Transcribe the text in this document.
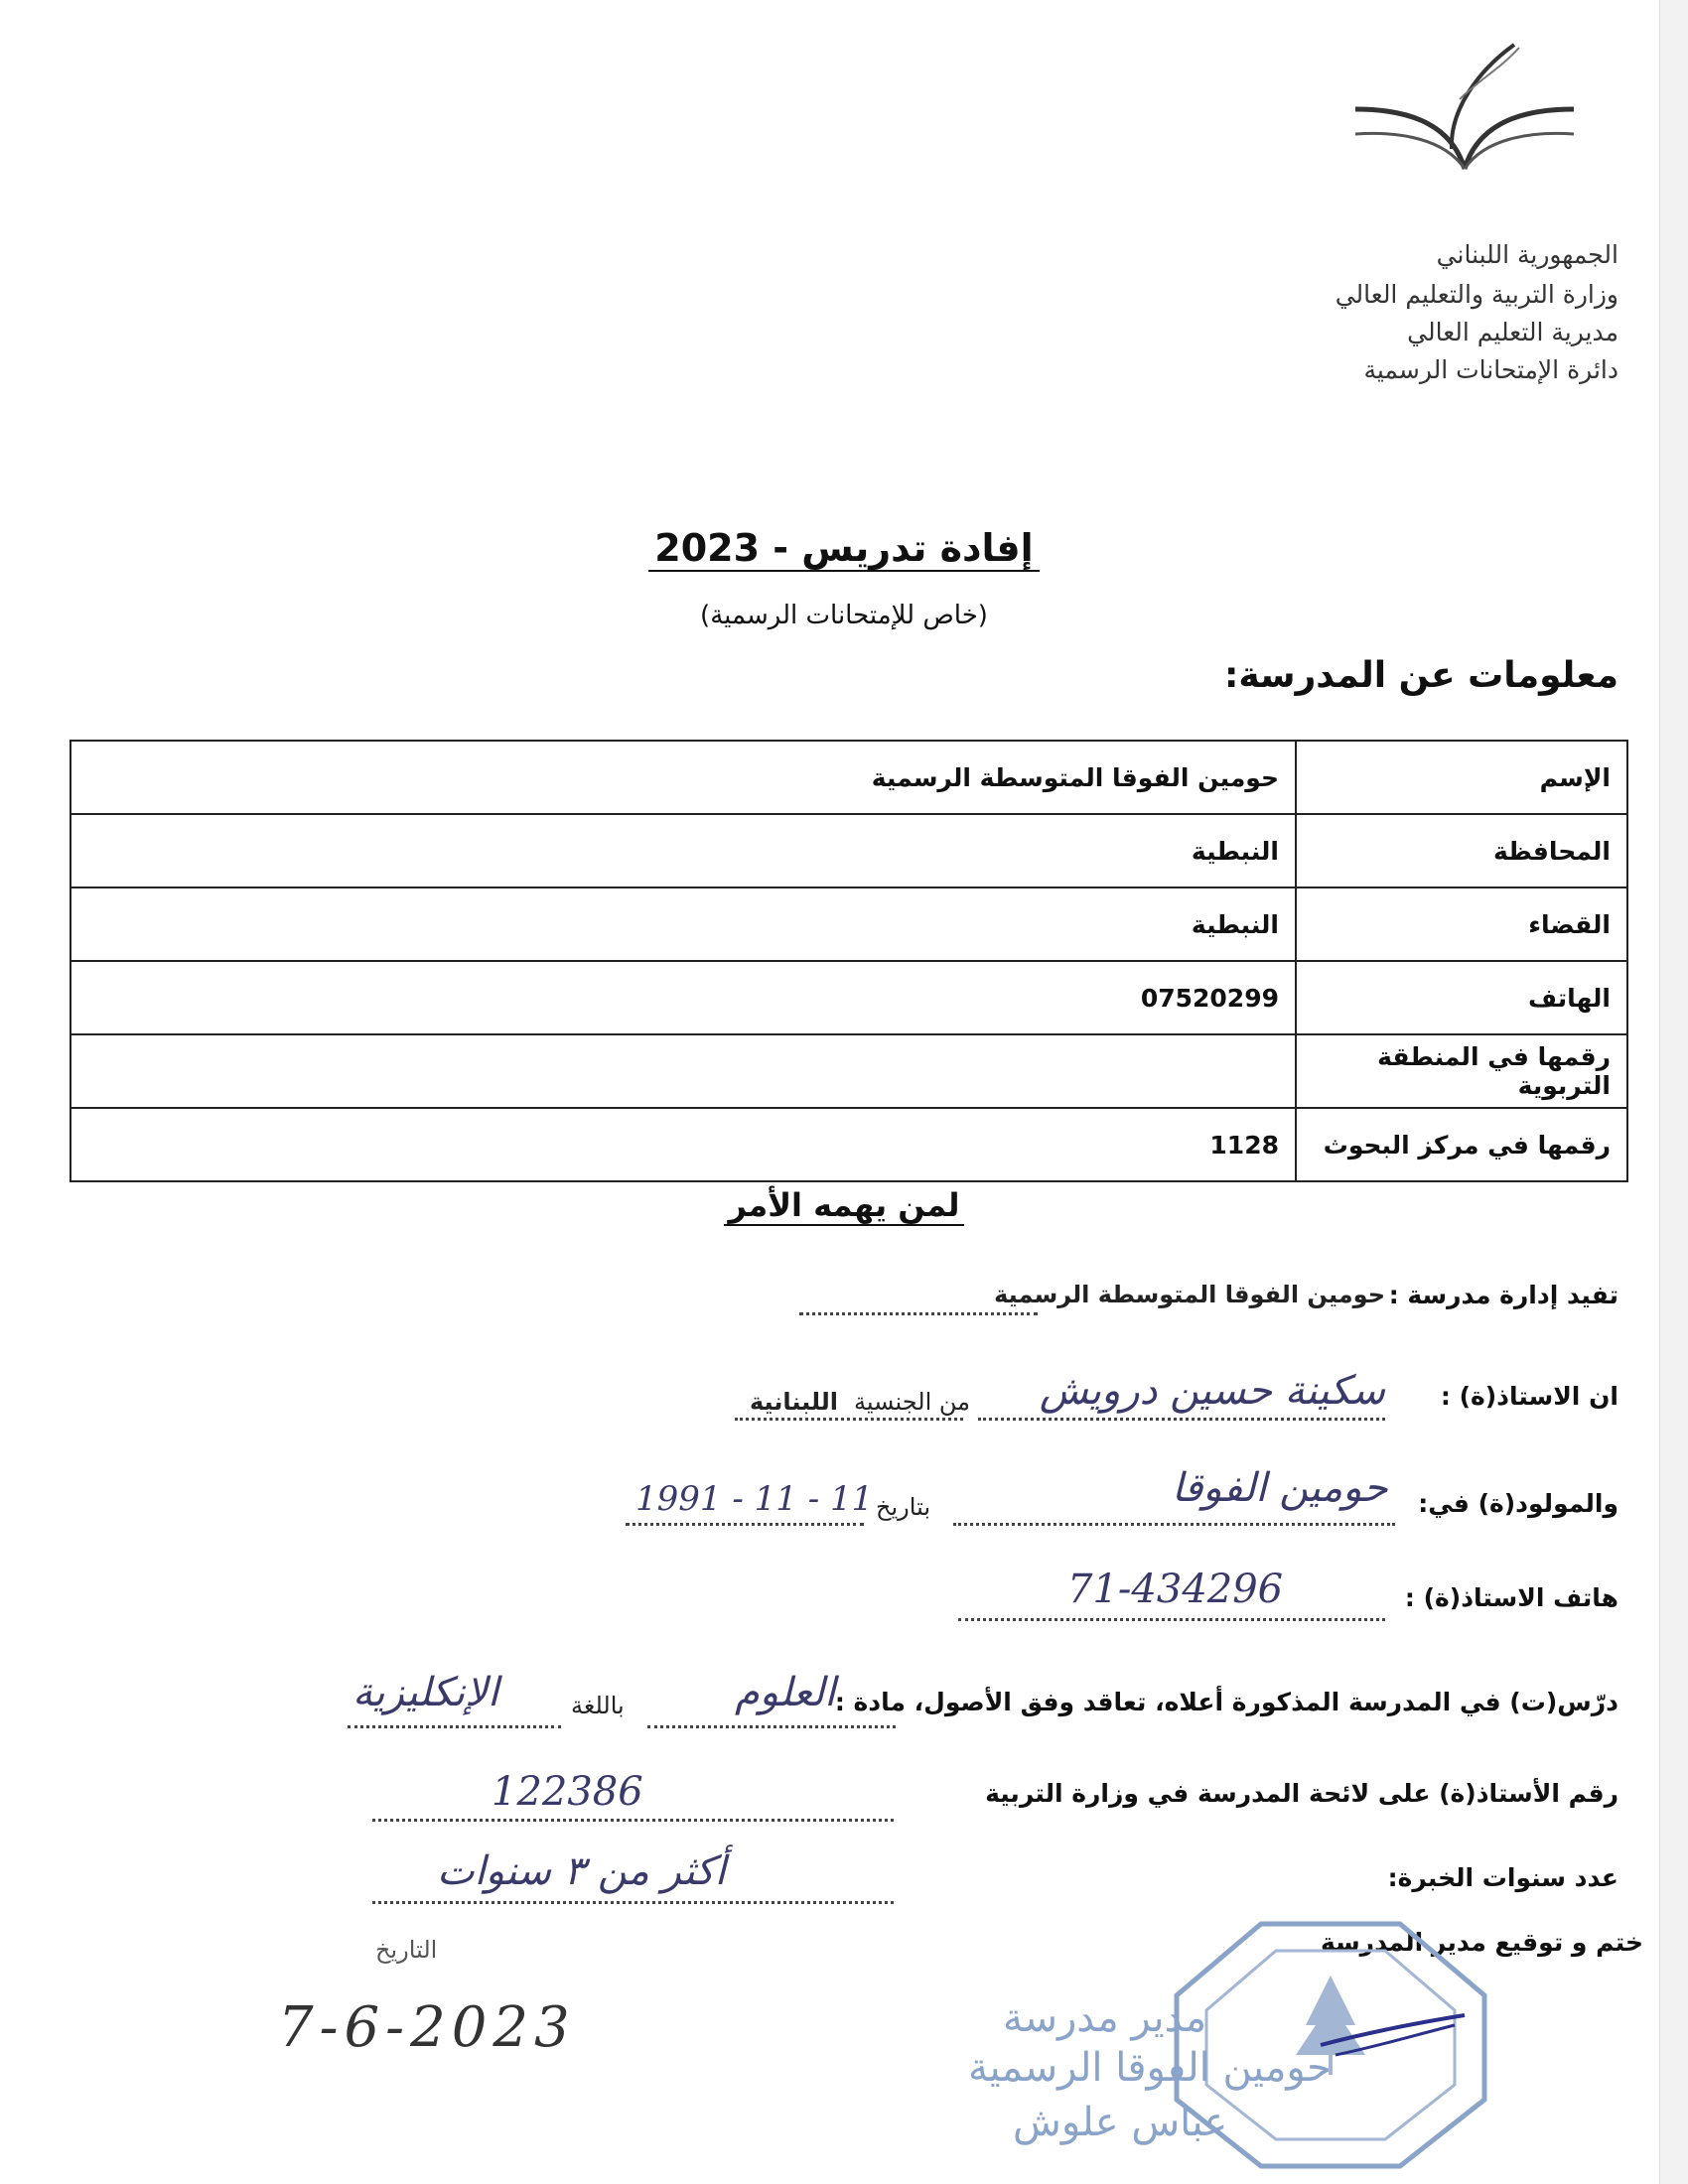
الجمهورية اللبناني
وزارة التربية والتعليم العالي
مديرية التعليم العالي
دائرة الإمتحانات الرسمية
إفادة تدريس - 2023
(خاص للإمتحانات الرسمية)
معلومات عن المدرسة:
الإسم	حومين الفوقا المتوسطة الرسمية
المحافظة	النبطية
القضاء	النبطية
الهاتف	07520299
رقمها في المنطقة التربوية	
رقمها في مركز البحوث	1128
لمن يهمه الأمر
تفيد إدارة مدرسة :
حومين الفوقا المتوسطة الرسمية
ان الاستاذ(ة) :
سكينة حسين درويش
من الجنسية
اللبنانية
والمولود(ة) في:
حومين الفوقا
بتاريخ
1991 - 11 - 11
هاتف الاستاذ(ة) :
71-434296
درّس(ت) في المدرسة المذكورة أعلاه، تعاقد وفق الأصول، مادة :
العلوم
باللغة
الإنكليزية
رقم الأستاذ(ة) على لائحة المدرسة في وزارة التربية
122386
عدد سنوات الخبرة:
أكثر من ٣ سنوات
ختم و توقيع مدير المدرسة
التاريخ
7-6-2023	مدير مدرسة
حومين الفوقا الرسمية
عباس علوش
